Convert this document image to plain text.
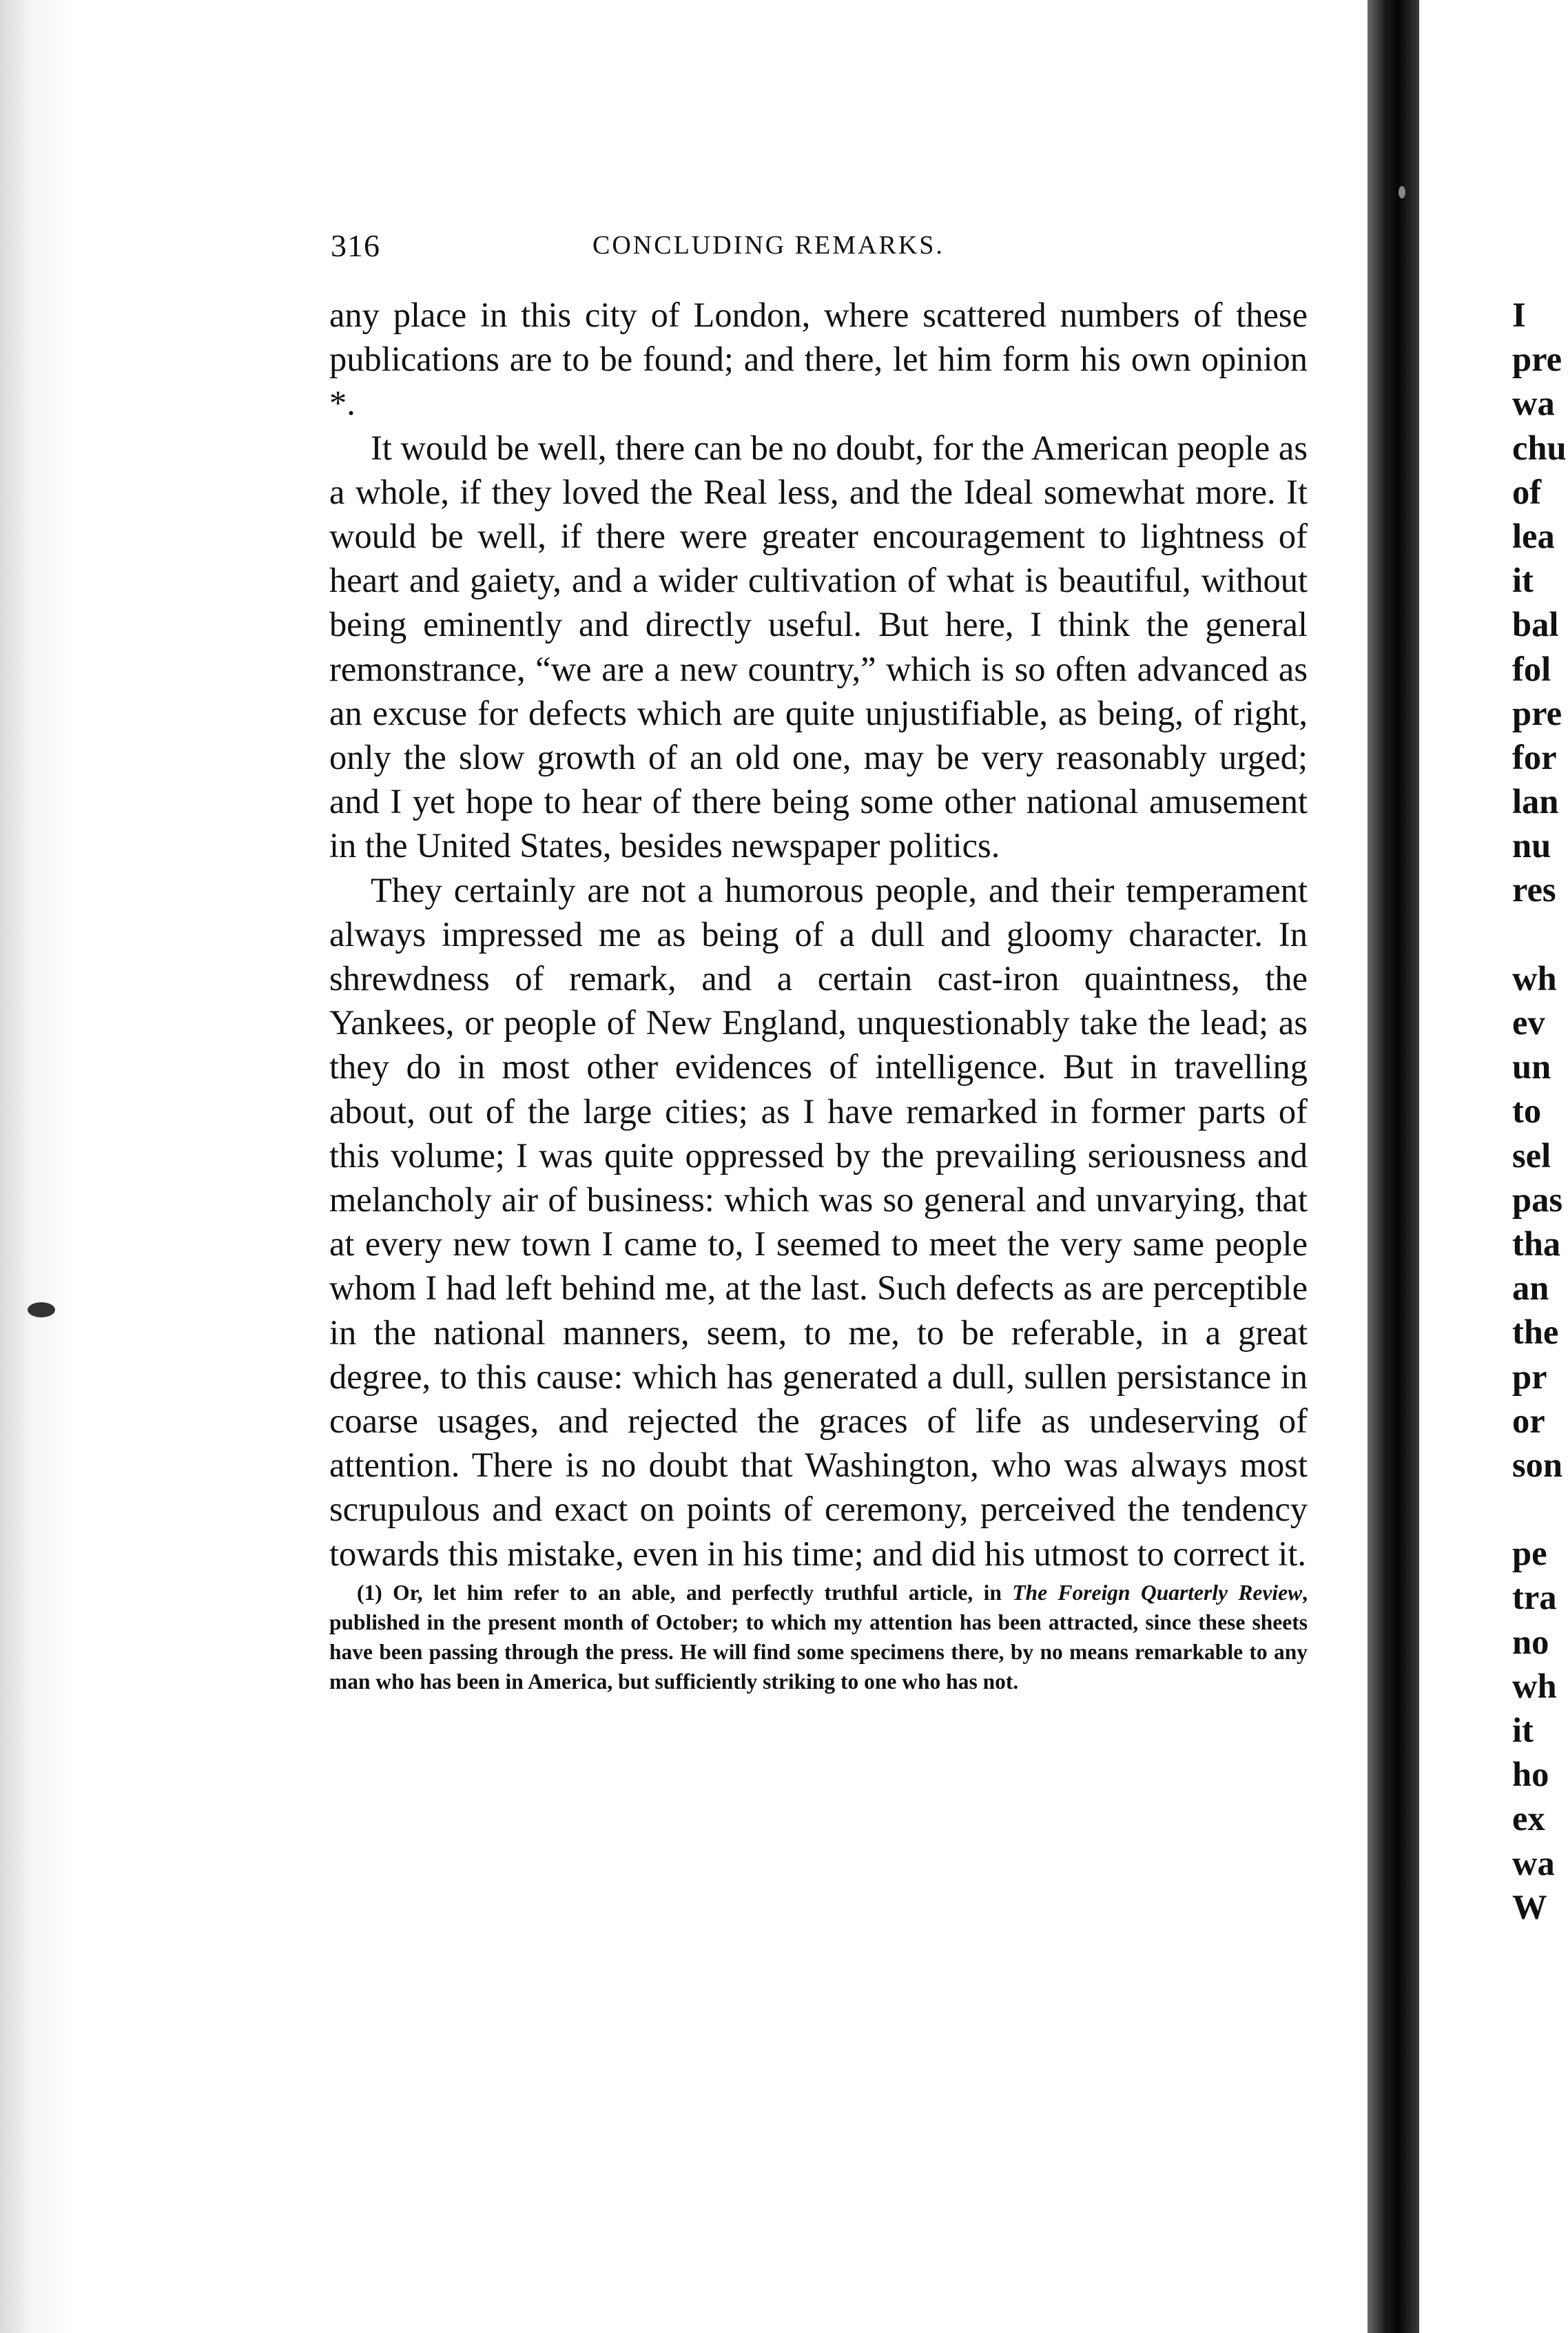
316	CONCLUDING REMARKS.

any place in this city of London, where scattered numbers of these publications are to be found; and there, let him form his own opinion *.

It would be well, there can be no doubt, for the American people as a whole, if they loved the Real less, and the Ideal somewhat more. It would be well, if there were greater encouragement to lightness of heart and gaiety, and a wider cultivation of what is beautiful, without being eminently and directly useful. But here, I think the general remonstrance, “we are a new country,” which is so often advanced as an excuse for defects which are quite unjustifiable, as being, of right, only the slow growth of an old one, may be very reasonably urged; and I yet hope to hear of there being some other national amusement in the United States, besides newspaper politics.

They certainly are not a humorous people, and their temperament always impressed me as being of a dull and gloomy character. In shrewdness of remark, and a certain cast-iron quaintness, the Yankees, or people of New England, unquestionably take the lead; as they do in most other evidences of intelligence. But in travelling about, out of the large cities; as I have remarked in former parts of this volume; I was quite oppressed by the prevailing seriousness and melancholy air of business: which was so general and unvarying, that at every new town I came to, I seemed to meet the very same people whom I had left behind me, at the last. Such defects as are perceptible in the national manners, seem, to me, to be referable, in a great degree, to this cause: which has generated a dull, sullen persistance in coarse usages, and rejected the graces of life as undeserving of attention. There is no doubt that Washington, who was always most scrupulous and exact on points of ceremony, perceived the tendency towards this mistake, even in his time; and did his utmost to correct it.

(1) Or, let him refer to an able, and perfectly truthful article, in The Foreign Quarterly Review, published in the present month of October; to which my attention has been attracted, since these sheets have been passing through the press. He will find some specimens there, by no means remarkable to any man who has been in America, but sufficiently striking to one who has not.

I
pre
wa
chu
of
lea
it
bal
fol
pre
for
lan
nu
res
wh
ev
un
to
sel
pas
tha
an
the
pr
or
son
pe
tra
no
wh
it
ho
ex
wa
W
